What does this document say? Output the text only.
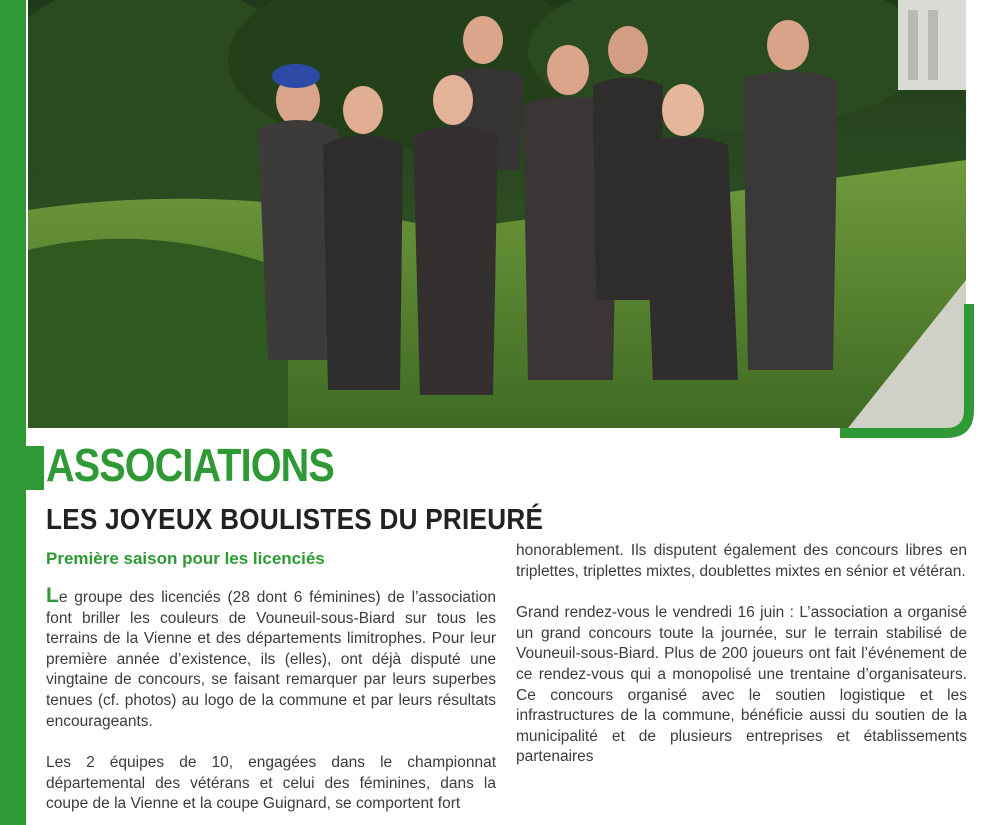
ASSOCIATIONS
LES JOYEUX BOULISTES DU PRIEURÉ
Première saison pour les licenciés

Le groupe des licenciés (28 dont 6 féminines) de l’association font briller les couleurs de Vouneuil-sous-Biard sur tous les terrains de la Vienne et des départements limitrophes. Pour leur première année d’existence, ils (elles), ont déjà disputé une vingtaine de concours, se faisant remarquer par leurs superbes tenues (cf. photos) au logo de la commune et par leurs résultats encourageants.

Les 2 équipes de 10, engagées dans le championnat départemental des vétérans et celui des féminines, dans la coupe de la Vienne et la coupe Guignard, se comportent fort

honorablement. Ils disputent également des concours libres en triplettes, triplettes mixtes, doublettes mixtes en sénior et vétéran.

Grand rendez-vous le vendredi 16 juin : L’association a organisé un grand concours toute la journée, sur le terrain stabilisé de Vouneuil-sous-Biard. Plus de 200 joueurs ont fait l’événement de ce rendez-vous qui a monopolisé une trentaine d’organisateurs. Ce concours organisé avec le soutien logistique et les infrastructures de la commune, bénéficie aussi du soutien de la municipalité et de plusieurs entreprises et établissements partenaires
